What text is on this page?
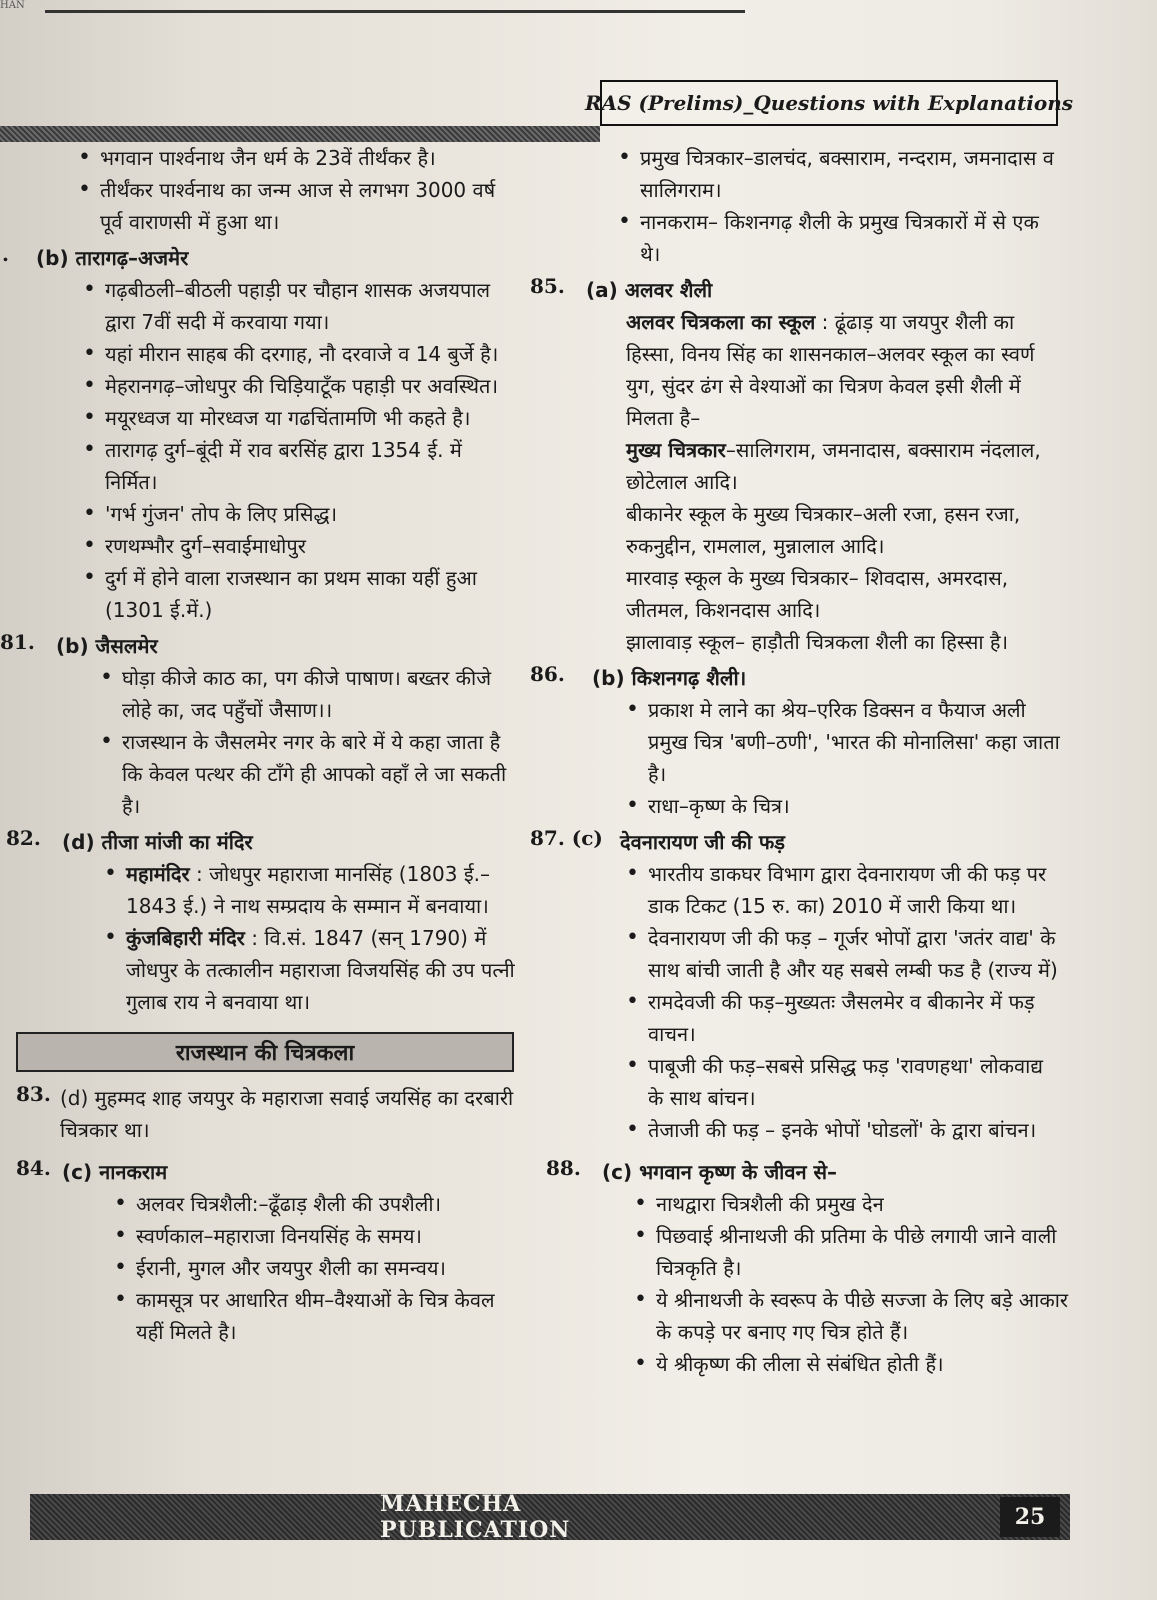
HAN
RAS (Prelims)_Questions with Explanations
• भगवान पार्श्वनाथ जैन धर्म के 23वें तीर्थंकर है।
• तीर्थंकर पार्श्वनाथ का जन्म आज से लगभग 3000 वर्ष पूर्व वाराणसी में हुआ था।
. (b) तारागढ़–अजमेर
• गढ़बीठली–बीठली पहाड़ी पर चौहान शासक अजयपाल द्वारा 7वीं सदी में करवाया गया।
• यहां मीरान साहब की दरगाह, नौ दरवाजे व 14 बुर्जे है।
• मेहरानगढ़–जोधपुर की चिड़ियाटूँक पहाड़ी पर अवस्थित।
• मयूरध्वज या मोरध्वज या गढचिंतामणि भी कहते है।
• तारागढ़ दुर्ग–बूंदी में राव बरसिंह द्वारा 1354 ई. में निर्मित।
• 'गर्भ गुंजन' तोप के लिए प्रसिद्ध।
• रणथम्भौर दुर्ग–सवाईमाधोपुर
• दुर्ग में होने वाला राजस्थान का प्रथम साका यहीं हुआ (1301 ई.में.)
81. (b) जैसलमेर
• घोड़ा कीजे काठ का, पग कीजे पाषाण। बख्तर कीजे लोहे का, जद पहुँचों जैसाण।।
• राजस्थान के जैसलमेर नगर के बारे में ये कहा जाता है कि केवल पत्थर की टाँगे ही आपको वहाँ ले जा सकती है।
82. (d) तीजा मांजी का मंदिर
• महामंदिर : जोधपुर महाराजा मानसिंह (1803 ई.–1843 ई.) ने नाथ सम्प्रदाय के सम्मान में बनवाया।
• कुंजबिहारी मंदिर : वि.सं. 1847 (सन् 1790) में जोधपुर के तत्कालीन महाराजा विजयसिंह की उप पत्नी गुलाब राय ने बनवाया था।
राजस्थान की चित्रकला
83. (d) मुहम्मद शाह जयपुर के महाराजा सवाई जयसिंह का दरबारी चित्रकार था।
84. (c) नानकराम
• अलवर चित्रशैली:–ढूँढाड़ शैली की उपशैली।
• स्वर्णकाल–महाराजा विनयसिंह के समय।
• ईरानी, मुगल और जयपुर शैली का समन्वय।
• कामसूत्र पर आधारित थीम–वैश्याओं के चित्र केवल यहीं मिलते है।
• प्रमुख चित्रकार–डालचंद, बक्साराम, नन्दराम, जमनादास व सालिगराम।
• नानकराम– किशनगढ़ शैली के प्रमुख चित्रकारों में से एक थे।
85. (a) अलवर शैली
अलवर चित्रकला का स्कूल : ढूंढाड़ या जयपुर शैली का हिस्सा, विनय सिंह का शासनकाल–अलवर स्कूल का स्वर्ण युग, सुंदर ढंग से वेश्याओं का चित्रण केवल इसी शैली में मिलता है–
मुख्य चित्रकार–सालिगराम, जमनादास, बक्साराम नंदलाल, छोटेलाल आदि।
बीकानेर स्कूल के मुख्य चित्रकार–अली रजा, हसन रजा, रुकनुद्दीन, रामलाल, मुन्नालाल आदि।
मारवाड़ स्कूल के मुख्य चित्रकार– शिवदास, अमरदास, जीतमल, किशनदास आदि।
झालावाड़ स्कूल– हाड़ौती चित्रकला शैली का हिस्सा है।
86. (b) किशनगढ़ शैली।
• प्रकाश मे लाने का श्रेय–एरिक डिक्सन व फैयाज अली प्रमुख चित्र 'बणी–ठणी', 'भारत की मोनालिसा' कहा जाता है।
• राधा–कृष्ण के चित्र।
87. (c) देवनारायण जी की फड़
• भारतीय डाकघर विभाग द्वारा देवनारायण जी की फड़ पर डाक टिकट (15 रु. का) 2010 में जारी किया था।
• देवनारायण जी की फड़ – गूर्जर भोपों द्वारा 'जतंर वाद्य' के साथ बांची जाती है और यह सबसे लम्बी फड है (राज्य में)
• रामदेवजी की फड़–मुख्यतः जैसलमेर व बीकानेर में फड़ वाचन।
• पाबूजी की फड़–सबसे प्रसिद्ध फड़ 'रावणहथा' लोकवाद्य के साथ बांचन।
• तेजाजी की फड़ – इनके भोपों 'घोडलों' के द्वारा बांचन।
88. (c) भगवान कृष्ण के जीवन से–
• नाथद्वारा चित्रशैली की प्रमुख देन
• पिछवाई श्रीनाथजी की प्रतिमा के पीछे लगायी जाने वाली चित्रकृति है।
• ये श्रीनाथजी के स्वरूप के पीछे सज्जा के लिए बड़े आकार के कपड़े पर बनाए गए चित्र होते हैं।
• ये श्रीकृष्ण की लीला से संबंधित होती हैं।
MAHECHA PUBLICATION	25
